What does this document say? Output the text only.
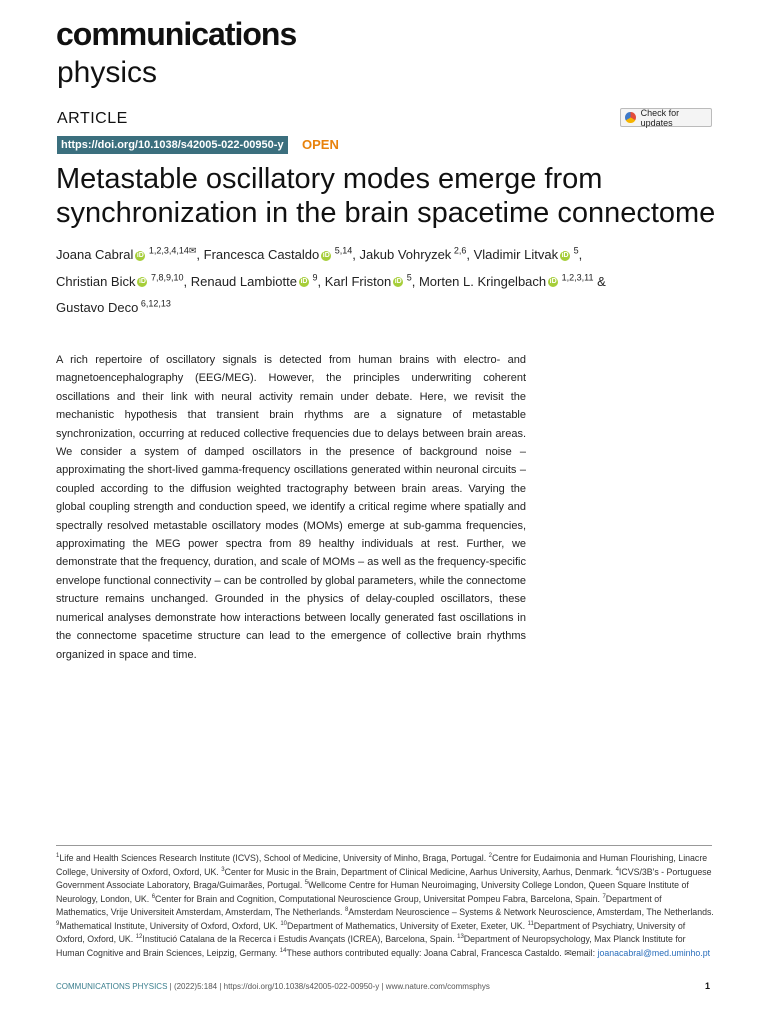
communications
physics
ARTICLE	Check for updates
https://doi.org/10.1038/s42005-022-00950-y	OPEN
Metastable oscillatory modes emerge from synchronization in the brain spacetime connectome
Joana Cabral iD $^{1,2,3,4,14✉}$, Francesca Castaldo iD $^{5,14}$, Jakub Vohryzek $^{2,6}$, Vladimir Litvak iD $^5$,
Christian Bick iD $^{7,8,9,10}$, Renaud Lambiotte iD $^9$, Karl Friston iD $^5$, Morten L. Kringelbach iD $^{1,2,3,11}$ &
Gustavo Deco $^{6,12,13}$
A rich repertoire of oscillatory signals is detected from human brains with electro- and magnetoencephalography (EEG/MEG). However, the principles underwriting coherent oscillations and their link with neural activity remain under debate. Here, we revisit the mechanistic hypothesis that transient brain rhythms are a signature of metastable synchronization, occurring at reduced collective frequencies due to delays between brain areas. We consider a system of damped oscillators in the presence of background noise – approximating the short-lived gamma-frequency oscillations generated within neuronal circuits – coupled according to the diffusion weighted tractography between brain areas. Varying the global coupling strength and conduction speed, we identify a critical regime where spatially and spectrally resolved metastable oscillatory modes (MOMs) emerge at sub-gamma frequencies, approximating the MEG power spectra from 89 healthy individuals at rest. Further, we demonstrate that the frequency, duration, and scale of MOMs – as well as the frequency-specific envelope functional connectivity – can be controlled by global parameters, while the connectome structure remains unchanged. Grounded in the physics of delay-coupled oscillators, these numerical analyses demonstrate how interactions between locally generated fast oscillations in the connectome spacetime structure can lead to the emergence of collective brain rhythms organized in space and time.
$^1$Life and Health Sciences Research Institute (ICVS), School of Medicine, University of Minho, Braga, Portugal. $^2$Centre for Eudaimonia and Human Flourishing, Linacre College, University of Oxford, Oxford, UK. $^3$Center for Music in the Brain, Department of Clinical Medicine, Aarhus University, Aarhus, Denmark. $^4$ICVS/3B's - Portuguese Government Associate Laboratory, Braga/Guimarães, Portugal. $^5$Wellcome Centre for Human Neuroimaging, University College London, Queen Square Institute of Neurology, London, UK. $^6$Center for Brain and Cognition, Computational Neuroscience Group, Universitat Pompeu Fabra, Barcelona, Spain. $^7$Department of Mathematics, Vrije Universiteit Amsterdam, Amsterdam, The Netherlands. $^8$Amsterdam Neuroscience – Systems & Network Neuroscience, Amsterdam, The Netherlands. $^9$Mathematical Institute, University of Oxford, Oxford, UK. $^{10}$Department of Mathematics, University of Exeter, Exeter, UK. $^{11}$Department of Psychiatry, University of Oxford, Oxford, UK. $^{12}$Institució Catalana de la Recerca i Estudis Avançats (ICREA), Barcelona, Spain. $^{13}$Department of Neuropsychology, Max Planck Institute for Human Cognitive and Brain Sciences, Leipzig, Germany. $^{14}$These authors contributed equally: Joana Cabral, Francesca Castaldo. ✉email: joanacabral@med.uminho.pt
COMMUNICATIONS PHYSICS | (2022)5:184 | https://doi.org/10.1038/s42005-022-00950-y | www.nature.com/commsphys	1
